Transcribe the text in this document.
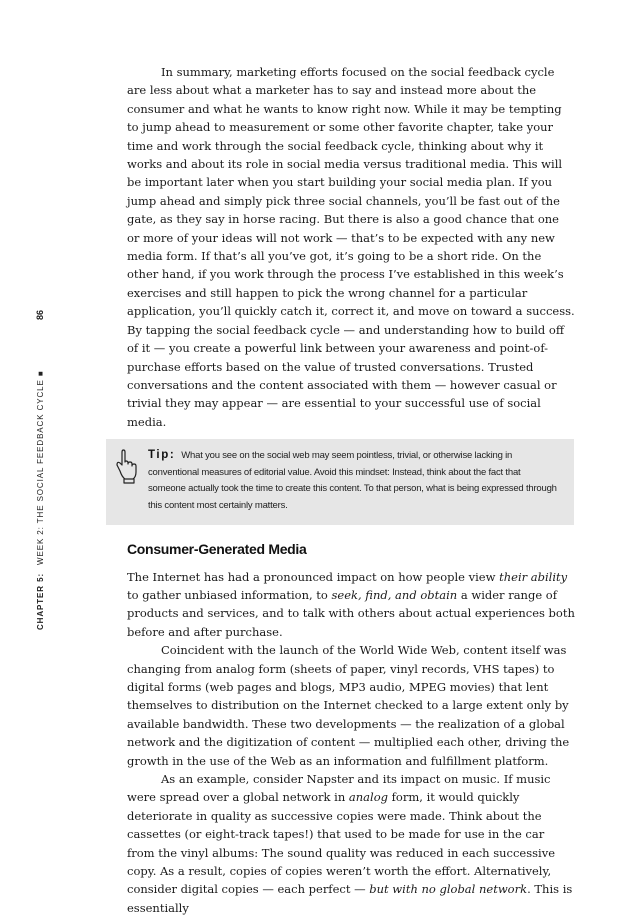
CHAPTER 5:
WEEK 2: THE SOCIAL FEEDBACK CYCLE ■
86

In summary, marketing efforts focused on the social feedback cycle are less about what a marketer has to say and instead more about the consumer and what he wants to know right now. While it may be tempting to jump ahead to measurement or some other favorite chapter, take your time and work through the social feedback cycle, thinking about why it works and about its role in social media versus traditional media. This will be important later when you start building your social media plan. If you jump ahead and simply pick three social channels, you’ll be fast out of the gate, as they say in horse racing. But there is also a good chance that one or more of your ideas will not work — that’s to be expected with any new media form. If that’s all you’ve got, it’s going to be a short ride. On the other hand, if you work through the process I’ve established in this week’s exercises and still happen to pick the wrong channel for a particular application, you’ll quickly catch it, correct it, and move on toward a success. By tapping the social feedback cycle — and understanding how to build off of it — you create a powerful link between your awareness and point-of-purchase efforts based on the value of trusted conversations. Trusted conversations and the content associated with them — however casual or trivial they may appear — are essential to your successful use of social media.

Tip: What you see on the social web may seem pointless, trivial, or otherwise lacking in conventional measures of editorial value. Avoid this mindset: Instead, think about the fact that someone actually took the time to create this content. To that person, what is being expressed through this content most certainly matters.
Consumer-Generated Media

The Internet has had a pronounced impact on how people view their ability to gather unbiased information, to seek, find, and obtain a wider range of products and services, and to talk with others about actual experiences both before and after purchase.

Coincident with the launch of the World Wide Web, content itself was changing from analog form (sheets of paper, vinyl records, VHS tapes) to digital forms (web pages and blogs, MP3 audio, MPEG movies) that lent themselves to distribution on the Internet checked to a large extent only by available bandwidth. These two developments — the realization of a global network and the digitization of content — multiplied each other, driving the growth in the use of the Web as an information and fulfillment platform.

As an example, consider Napster and its impact on music. If music were spread over a global network in analog form, it would quickly deteriorate in quality as successive copies were made. Think about the cassettes (or eight-track tapes!) that used to be made for use in the car from the vinyl albums: The sound quality was reduced in each successive copy. As a result, copies of copies weren’t worth the effort. Alternatively, consider digital copies — each perfect — but with no global network. This is essentially
